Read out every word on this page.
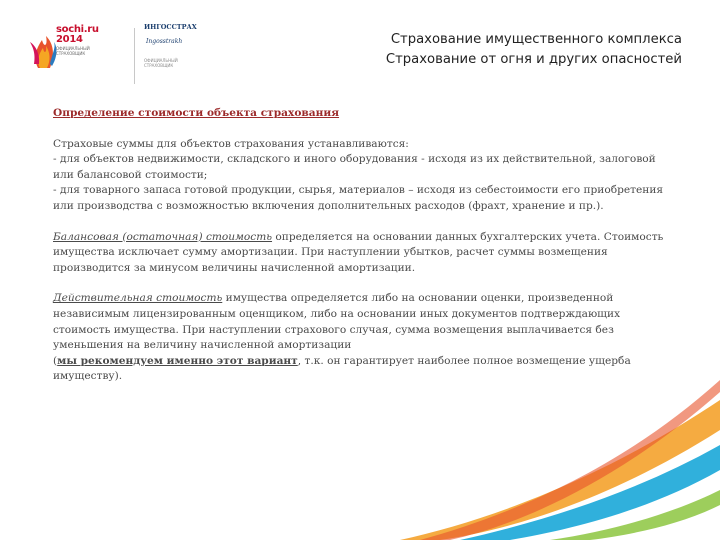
sochi.ru
2014
ОФИЦИАЛЬНЫЙ СТРАХОВЩИК
ИНГОССТРАХ
Ingosstrakh
ОФИЦИАЛЬНЫЙ СТРАХОВЩИК
Страхование имущественного комплекса
Страхование от огня и других опасностей
Определение стоимости объекта страхования
Страховые суммы для объектов страхования устанавливаются:
- для объектов недвижимости, складского и иного оборудования - исходя из их действительной, залоговой или балансовой стоимости;
- для товарного запаса готовой продукции, сырья, материалов – исходя из себестоимости его приобретения или производства с возможностью включения дополнительных расходов (фрахт, хранение и пр.).
Балансовая (остаточная) стоимость определяется на основании данных бухгалтерских учета. Стоимость имущества исключает сумму амортизации. При наступлении убытков, расчет суммы возмещения производится за минусом величины начисленной амортизации.
Действительная стоимость имущества определяется либо на основании оценки, произведенной независимым лицензированным оценщиком, либо на основании иных документов подтверждающих стоимость имущества. При наступлении страхового случая, сумма возмещения выплачивается без уменьшения на величину начисленной амортизации
(мы рекомендуем именно этот вариант, т.к. он гарантирует наиболее полное возмещение ущерба имуществу).
